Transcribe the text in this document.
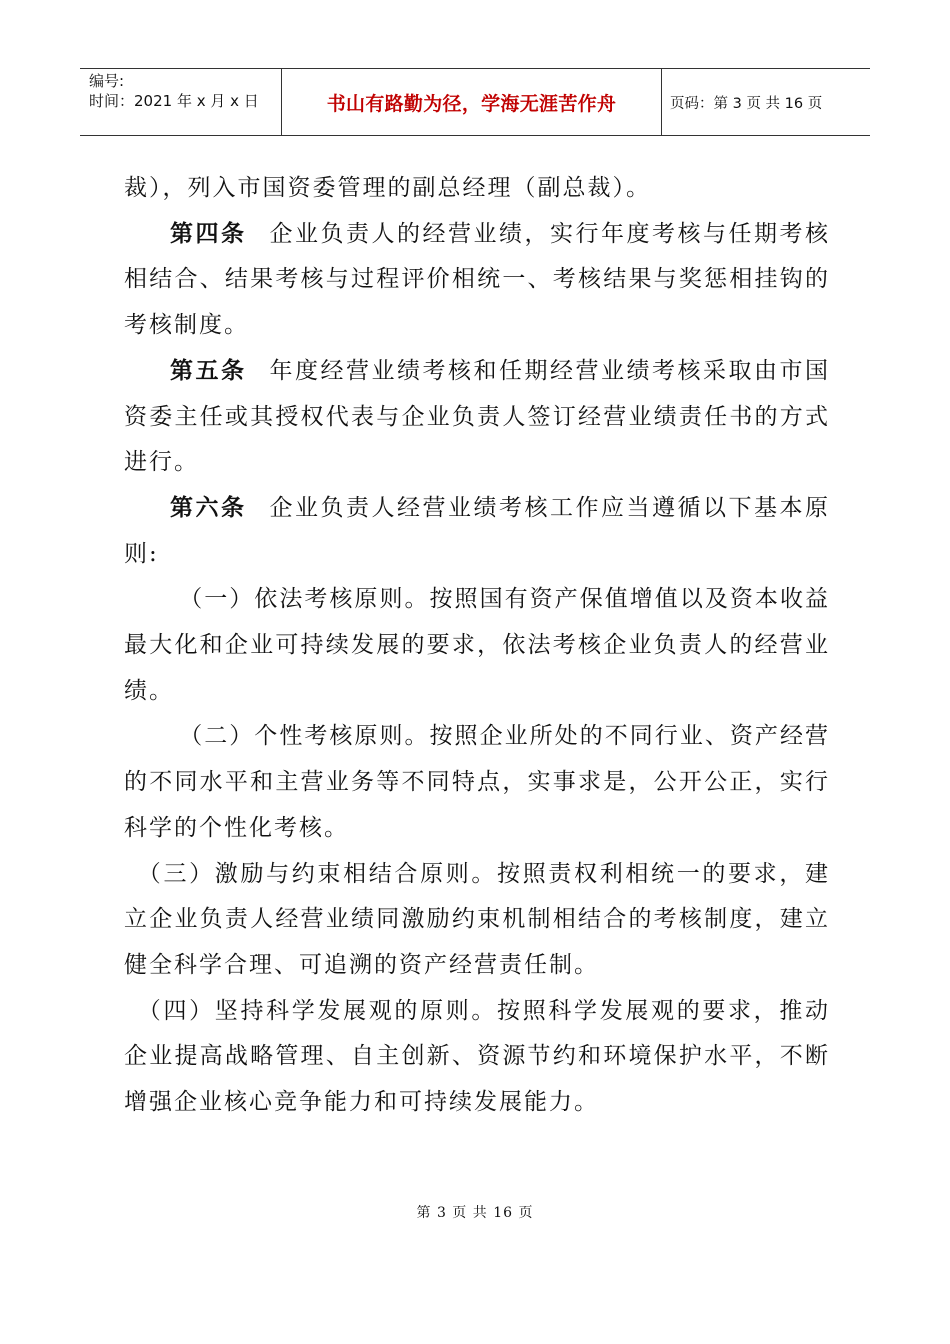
编号:
时间：2021 年 x 月 x 日	书山有路勤为径，学海无涯苦作舟	页码：第 3 页 共 16 页

裁），列入市国资委管理的副总经理（副总裁）。

第四条 企业负责人的经营业绩，实行年度考核与任期考核相结合、结果考核与过程评价相统一、考核结果与奖惩相挂钩的考核制度。

第五条 年度经营业绩考核和任期经营业绩考核采取由市国资委主任或其授权代表与企业负责人签订经营业绩责任书的方式进行。

第六条 企业负责人经营业绩考核工作应当遵循以下基本原则:

（一）依法考核原则。按照国有资产保值增值以及资本收益最大化和企业可持续发展的要求，依法考核企业负责人的经营业绩。

（二）个性考核原则。按照企业所处的不同行业、资产经营的不同水平和主营业务等不同特点，实事求是，公开公正，实行科学的个性化考核。

（三）激励与约束相结合原则。按照责权利相统一的要求，建立企业负责人经营业绩同激励约束机制相结合的考核制度，建立健全科学合理、可追溯的资产经营责任制。

（四）坚持科学发展观的原则。按照科学发展观的要求，推动企业提高战略管理、自主创新、资源节约和环境保护水平，不断增强企业核心竞争能力和可持续发展能力。

第 3 页 共 16 页
